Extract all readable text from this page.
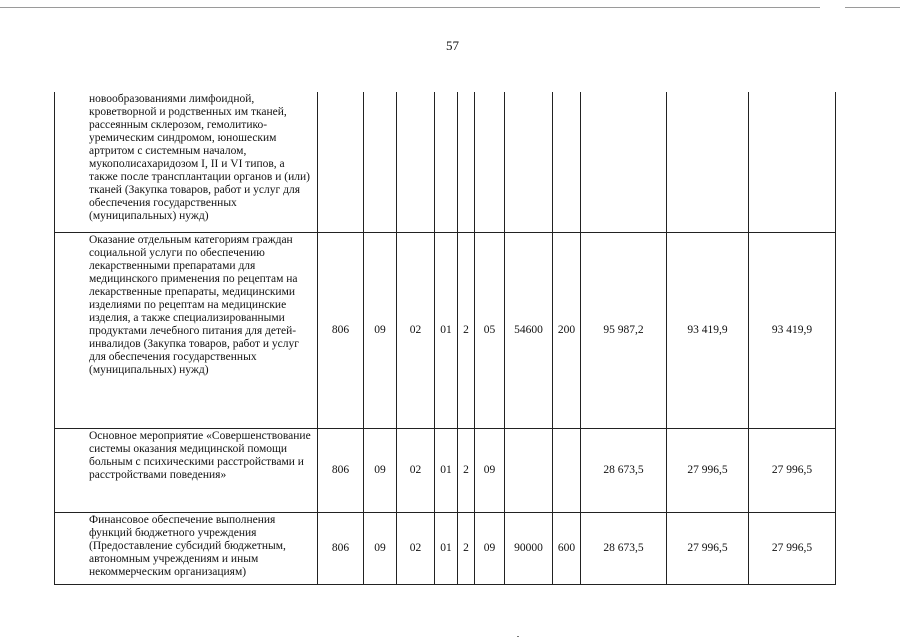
57
новообразованиями лимфоидной, кроветворной и родственных им тканей, рассеянным склерозом, гемолитико-уремическим синдромом, юношеским артритом с системным началом, мукополисахаридозом I, II и VI типов, а также после трансплантации органов и (или) тканей (Закупка товаров, работ и услуг для обеспечения государственных (муниципальных) нужд)											
Оказание отдельным категориям граждан социальной услуги по обеспечению лекарственными препаратами для медицинского применения по рецептам на лекарственные препараты, медицинскими изделиями по рецептам на медицинские изделия, а также специализированными продуктами лечебного питания для детей-инвалидов (Закупка товаров, работ и услуг для обеспечения государственных (муниципальных) нужд)	806	09	02	01	2	05	54600	200	95 987,2	93 419,9	93 419,9
Основное мероприятие «Совершенствование системы оказания медицинской помощи больным с психическими расстройствами и расстройствами поведения»	806	09	02	01	2	09			28 673,5	27 996,5	27 996,5
Финансовое обеспечение выполнения функций бюджетного учреждения (Предоставление субсидий бюджетным, автономным учреждениям и иным некоммерческим организациям)	806	09	02	01	2	09	90000	600	28 673,5	27 996,5	27 996,5
